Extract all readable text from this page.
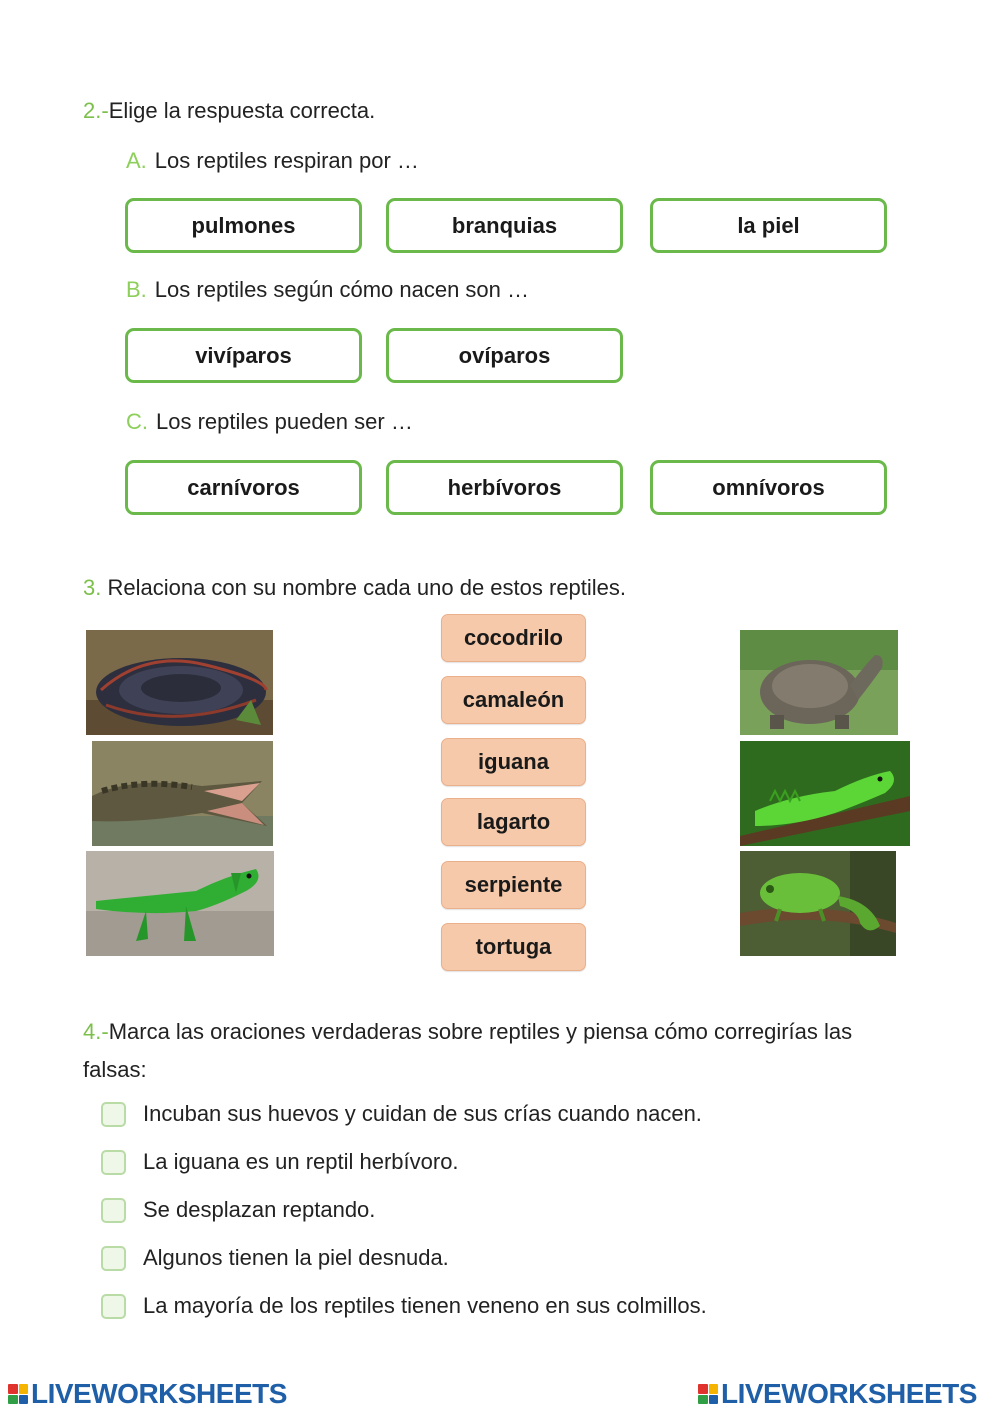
2.-Elige la respuesta correcta.
A. Los reptiles respiran por …
pulmones	branquias	la piel
B. Los reptiles según cómo nacen son …
vivíparos	ovíparos
C. Los reptiles pueden ser …
carnívoros	herbívoros	omnívoros
3. Relaciona con su nombre cada uno de estos reptiles.
cocodrilo
camaleón
iguana
lagarto
serpiente
tortuga
4.-Marca las oraciones verdaderas sobre reptiles y piensa cómo corregirías las
falsas:
Incuban sus huevos y cuidan de sus crías cuando nacen.
La iguana es un reptil herbívoro.
Se desplazan reptando.
Algunos tienen la piel desnuda.
La mayoría de los reptiles tienen veneno en sus colmillos.
LIVEWORKSHEETS	LIVEWORKSHEETS
